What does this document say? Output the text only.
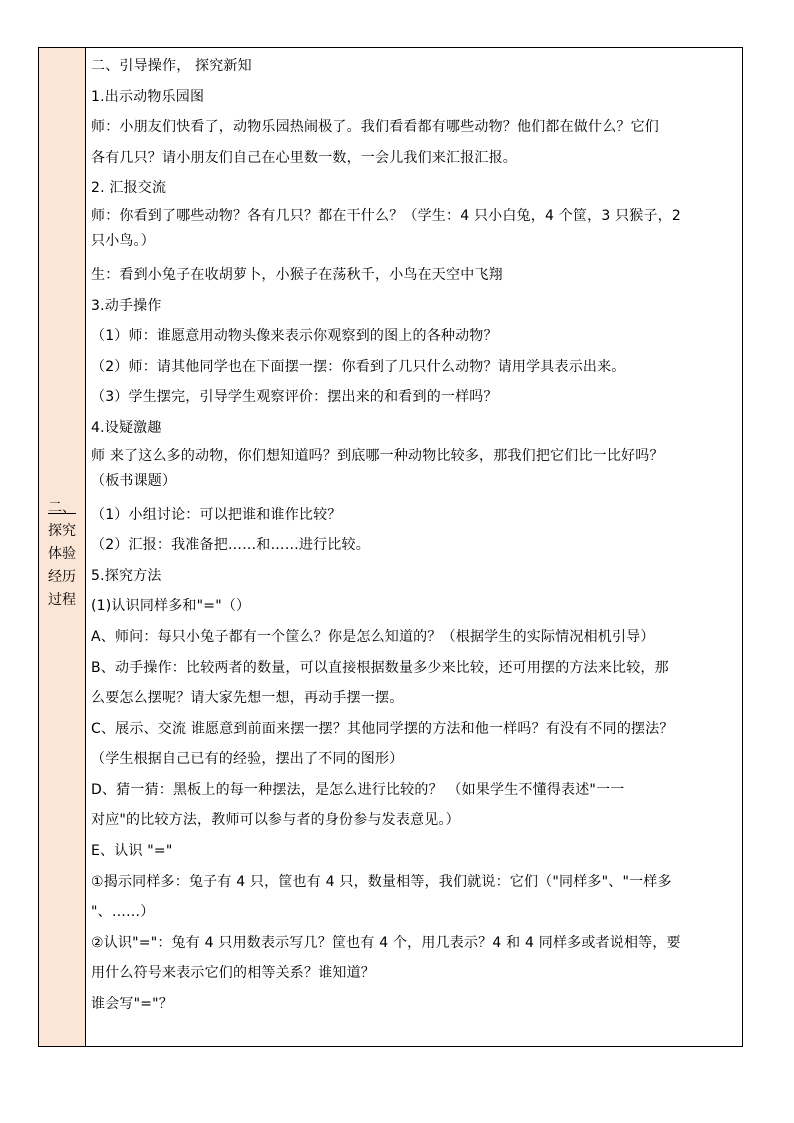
二、
探究
体验
经历
过程
二、引导操作， 探究新知
1.出示动物乐园图
师：小朋友们快看了，动物乐园热闹极了。我们看看都有哪些动物？他们都在做什么？它们
各有几只？请小朋友们自己在心里数一数，一会儿我们来汇报汇报。
2. 汇报交流
师：你看到了哪些动物？各有几只？都在干什么？（学生：4 只小白兔，4 个筐，3 只猴子，2
只小鸟。）
生：看到小兔子在收胡萝卜，小猴子在荡秋千，小鸟在天空中飞翔
3.动手操作
（1）师：谁愿意用动物头像来表示你观察到的图上的各种动物？
（2）师：请其他同学也在下面摆一摆：你看到了几只什么动物？请用学具表示出来。
（3）学生摆完，引导学生观察评价：摆出来的和看到的一样吗？
4.设疑激趣
师 来了这么多的动物，你们想知道吗？到底哪一种动物比较多，那我们把它们比一比好吗？
（板书课题）
（1）小组讨论：可以把谁和谁作比较？
（2）汇报：我准备把……和……进行比较。
5.探究方法
(1)认识同样多和"="（）
A、师问：每只小兔子都有一个筐么？你是怎么知道的？（根据学生的实际情况相机引导）
B、动手操作：比较两者的数量，可以直接根据数量多少来比较，还可用摆的方法来比较，那
么要怎么摆呢？请大家先想一想，再动手摆一摆。
C、展示、交流 谁愿意到前面来摆一摆？其他同学摆的方法和他一样吗？有没有不同的摆法？
（学生根据自己已有的经验，摆出了不同的图形）
D、猜一猜：黑板上的每一种摆法，是怎么进行比较的？ （如果学生不懂得表述"一一
对应"的比较方法，教师可以参与者的身份参与发表意见。）
E、认识 "="
①揭示同样多：兔子有 4 只，筐也有 4 只，数量相等，我们就说：它们（"同样多"、"一样多
"、……）
②认识"="：兔有 4 只用数表示写几？筐也有 4 个，用几表示？4 和 4 同样多或者说相等，要
用什么符号来表示它们的相等关系？谁知道？
谁会写"="？
